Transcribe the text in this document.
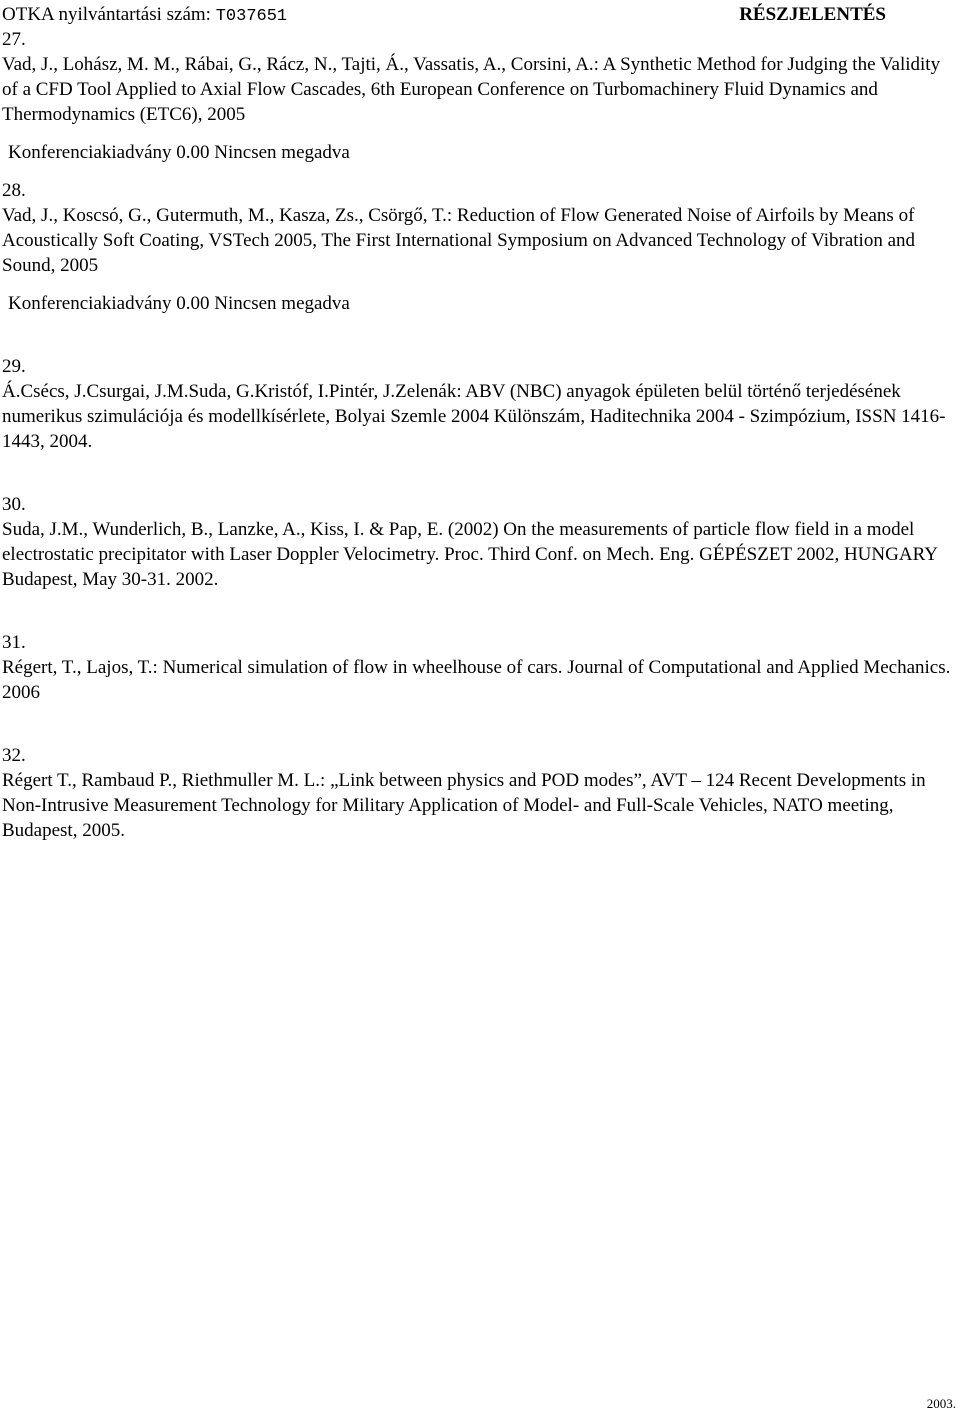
OTKA nyilvántartási szám: T037651	RÉSZJELENTÉS
27.
Vad, J., Lohász, M. M., Rábai, G., Rácz, N., Tajti, Á., Vassatis, A., Corsini, A.: A Synthetic Method for Judging the Validity of a CFD Tool Applied to Axial Flow Cascades, 6th European Conference on Turbomachinery Fluid Dynamics and Thermodynamics (ETC6), 2005
Konferenciakiadvány 0.00 Nincsen megadva
28.
Vad, J., Koscsó, G., Gutermuth, M., Kasza, Zs., Csörgő, T.: Reduction of Flow Generated Noise of Airfoils by Means of Acoustically Soft Coating, VSTech 2005, The First International Symposium on Advanced Technology of Vibration and Sound, 2005
Konferenciakiadvány 0.00 Nincsen megadva
29.
Á.Csécs, J.Csurgai, J.M.Suda, G.Kristóf, I.Pintér, J.Zelenák: ABV (NBC) anyagok épületen belül történő terjedésének numerikus szimulációja és modellkísérlete, Bolyai Szemle 2004 Különszám, Haditechnika 2004 - Szimpózium, ISSN 1416-1443, 2004.
30.
Suda, J.M., Wunderlich, B., Lanzke, A., Kiss, I. & Pap, E. (2002) On the measurements of particle flow field in a model electrostatic precipitator with Laser Doppler Velocimetry. Proc. Third Conf. on Mech. Eng. GÉPÉSZET 2002, HUNGARY Budapest, May 30-31. 2002.
31.
Régert, T., Lajos, T.: Numerical simulation of flow in wheelhouse of cars. Journal of Computational and Applied Mechanics. 2006
32.
Régert T., Rambaud P., Riethmuller M. L.: „Link between physics and POD modes”, AVT – 124 Recent Developments in Non-Intrusive Measurement Technology for Military Application of Model- and Full-Scale Vehicles, NATO meeting, Budapest, 2005.
2003.
